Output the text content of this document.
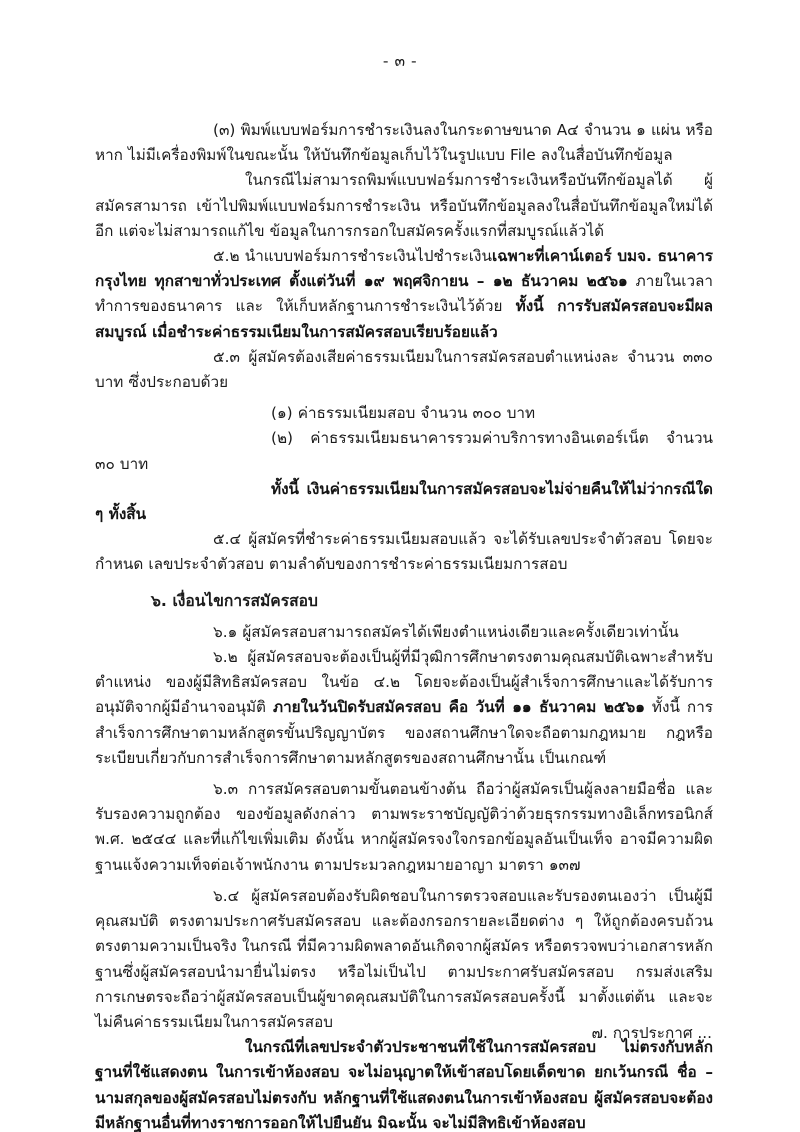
- ๓ -

(๓) พิมพ์แบบฟอร์มการชำระเงินลงในกระดาษขนาด A๔ จำนวน ๑ แผ่น หรือหาก ไม่มีเครื่องพิมพ์ในขณะนั้น ให้บันทึกข้อมูลเก็บไว้ในรูปแบบ File ลงในสื่อบันทึกข้อมูล

ในกรณีไม่สามารถพิมพ์แบบฟอร์มการชำระเงินหรือบันทึกข้อมูลได้ ผู้สมัครสามารถ เข้าไปพิมพ์แบบฟอร์มการชำระเงิน หรือบันทึกข้อมูลลงในสื่อบันทึกข้อมูลใหม่ได้อีก แต่จะไม่สามารถแก้ไข ข้อมูลในการกรอกใบสมัครครั้งแรกที่สมบูรณ์แล้วได้

๕.๒ นำแบบฟอร์มการชำระเงินไปชำระเงินเฉพาะที่เคาน์เตอร์ บมจ. ธนาคารกรุงไทย ทุกสาขาทั่วประเทศ ตั้งแต่วันที่ ๑๙ พฤศจิกายน – ๑๒ ธันวาคม ๒๕๖๑ ภายในเวลาทำการของธนาคาร และ ให้เก็บหลักฐานการชำระเงินไว้ด้วย ทั้งนี้ การรับสมัครสอบจะมีผลสมบูรณ์ เมื่อชำระค่าธรรมเนียมในการสมัครสอบเรียบร้อยแล้ว

๕.๓ ผู้สมัครต้องเสียค่าธรรมเนียมในการสมัครสอบตำแหน่งละ จำนวน ๓๓๐ บาท ซึ่งประกอบด้วย

(๑) ค่าธรรมเนียมสอบ จำนวน ๓๐๐ บาท

(๒) ค่าธรรมเนียมธนาคารรวมค่าบริการทางอินเตอร์เน็ต จำนวน ๓๐ บาท

ทั้งนี้ เงินค่าธรรมเนียมในการสมัครสอบจะไม่จ่ายคืนให้ไม่ว่ากรณีใด ๆ ทั้งสิ้น

๕.๔ ผู้สมัครที่ชำระค่าธรรมเนียมสอบแล้ว จะได้รับเลขประจำตัวสอบ โดยจะกำหนด เลขประจำตัวสอบ ตามลำดับของการชำระค่าธรรมเนียมการสอบ

๖. เงื่อนไขการสมัครสอบ

๖.๑ ผู้สมัครสอบสามารถสมัครได้เพียงตำแหน่งเดียวและครั้งเดียวเท่านั้น

๖.๒ ผู้สมัครสอบจะต้องเป็นผู้ที่มีวุฒิการศึกษาตรงตามคุณสมบัติเฉพาะสำหรับตำแหน่ง ของผู้มีสิทธิสมัครสอบ ในข้อ ๔.๒ โดยจะต้องเป็นผู้สำเร็จการศึกษาและได้รับการอนุมัติจากผู้มีอำนาจอนุมัติ ภายในวันปิดรับสมัครสอบ คือ วันที่ ๑๑ ธันวาคม ๒๕๖๑ ทั้งนี้ การสำเร็จการศึกษาตามหลักสูตรขั้นปริญญาบัตร ของสถานศึกษาใดจะถือตามกฎหมาย กฎหรือระเบียบเกี่ยวกับการสำเร็จการศึกษาตามหลักสูตรของสถานศึกษานั้น เป็นเกณฑ์

๖.๓ การสมัครสอบตามขั้นตอนข้างต้น ถือว่าผู้สมัครเป็นผู้ลงลายมือชื่อ และรับรองความถูกต้อง ของข้อมูลดังกล่าว ตามพระราชบัญญัติว่าด้วยธุรกรรมทางอิเล็กทรอนิกส์ พ.ศ. ๒๕๔๔ และที่แก้ไขเพิ่มเติม ดังนั้น หากผู้สมัครจงใจกรอกข้อมูลอันเป็นเท็จ อาจมีความผิดฐานแจ้งความเท็จต่อเจ้าพนักงาน ตามประมวลกฎหมายอาญา มาตรา ๑๓๗

๖.๔ ผู้สมัครสอบต้องรับผิดชอบในการตรวจสอบและรับรองตนเองว่า เป็นผู้มีคุณสมบัติ ตรงตามประกาศรับสมัครสอบ และต้องกรอกรายละเอียดต่าง ๆ ให้ถูกต้องครบถ้วนตรงตามความเป็นจริง ในกรณี ที่มีความผิดพลาดอันเกิดจากผู้สมัคร หรือตรวจพบว่าเอกสารหลักฐานซึ่งผู้สมัครสอบนำมายื่นไม่ตรง หรือไม่เป็นไป ตามประกาศรับสมัครสอบ กรมส่งเสริมการเกษตรจะถือว่าผู้สมัครสอบเป็นผู้ขาดคุณสมบัติในการสมัครสอบครั้งนี้ มาตั้งแต่ต้น และจะไม่คืนค่าธรรมเนียมในการสมัครสอบ

ในกรณีที่เลขประจำตัวประชาชนที่ใช้ในการสมัครสอบ ไม่ตรงกับหลักฐานที่ใช้แสดงตน ในการเข้าห้องสอบ จะไม่อนุญาตให้เข้าสอบโดยเด็ดขาด ยกเว้นกรณี ชื่อ – นามสกุลของผู้สมัครสอบไม่ตรงกับ หลักฐานที่ใช้แสดงตนในการเข้าห้องสอบ ผู้สมัครสอบจะต้องมีหลักฐานอื่นที่ทางราชการออกให้ไปยืนยัน มิฉะนั้น จะไม่มีสิทธิเข้าห้องสอบ

๗. การประกาศ ...
